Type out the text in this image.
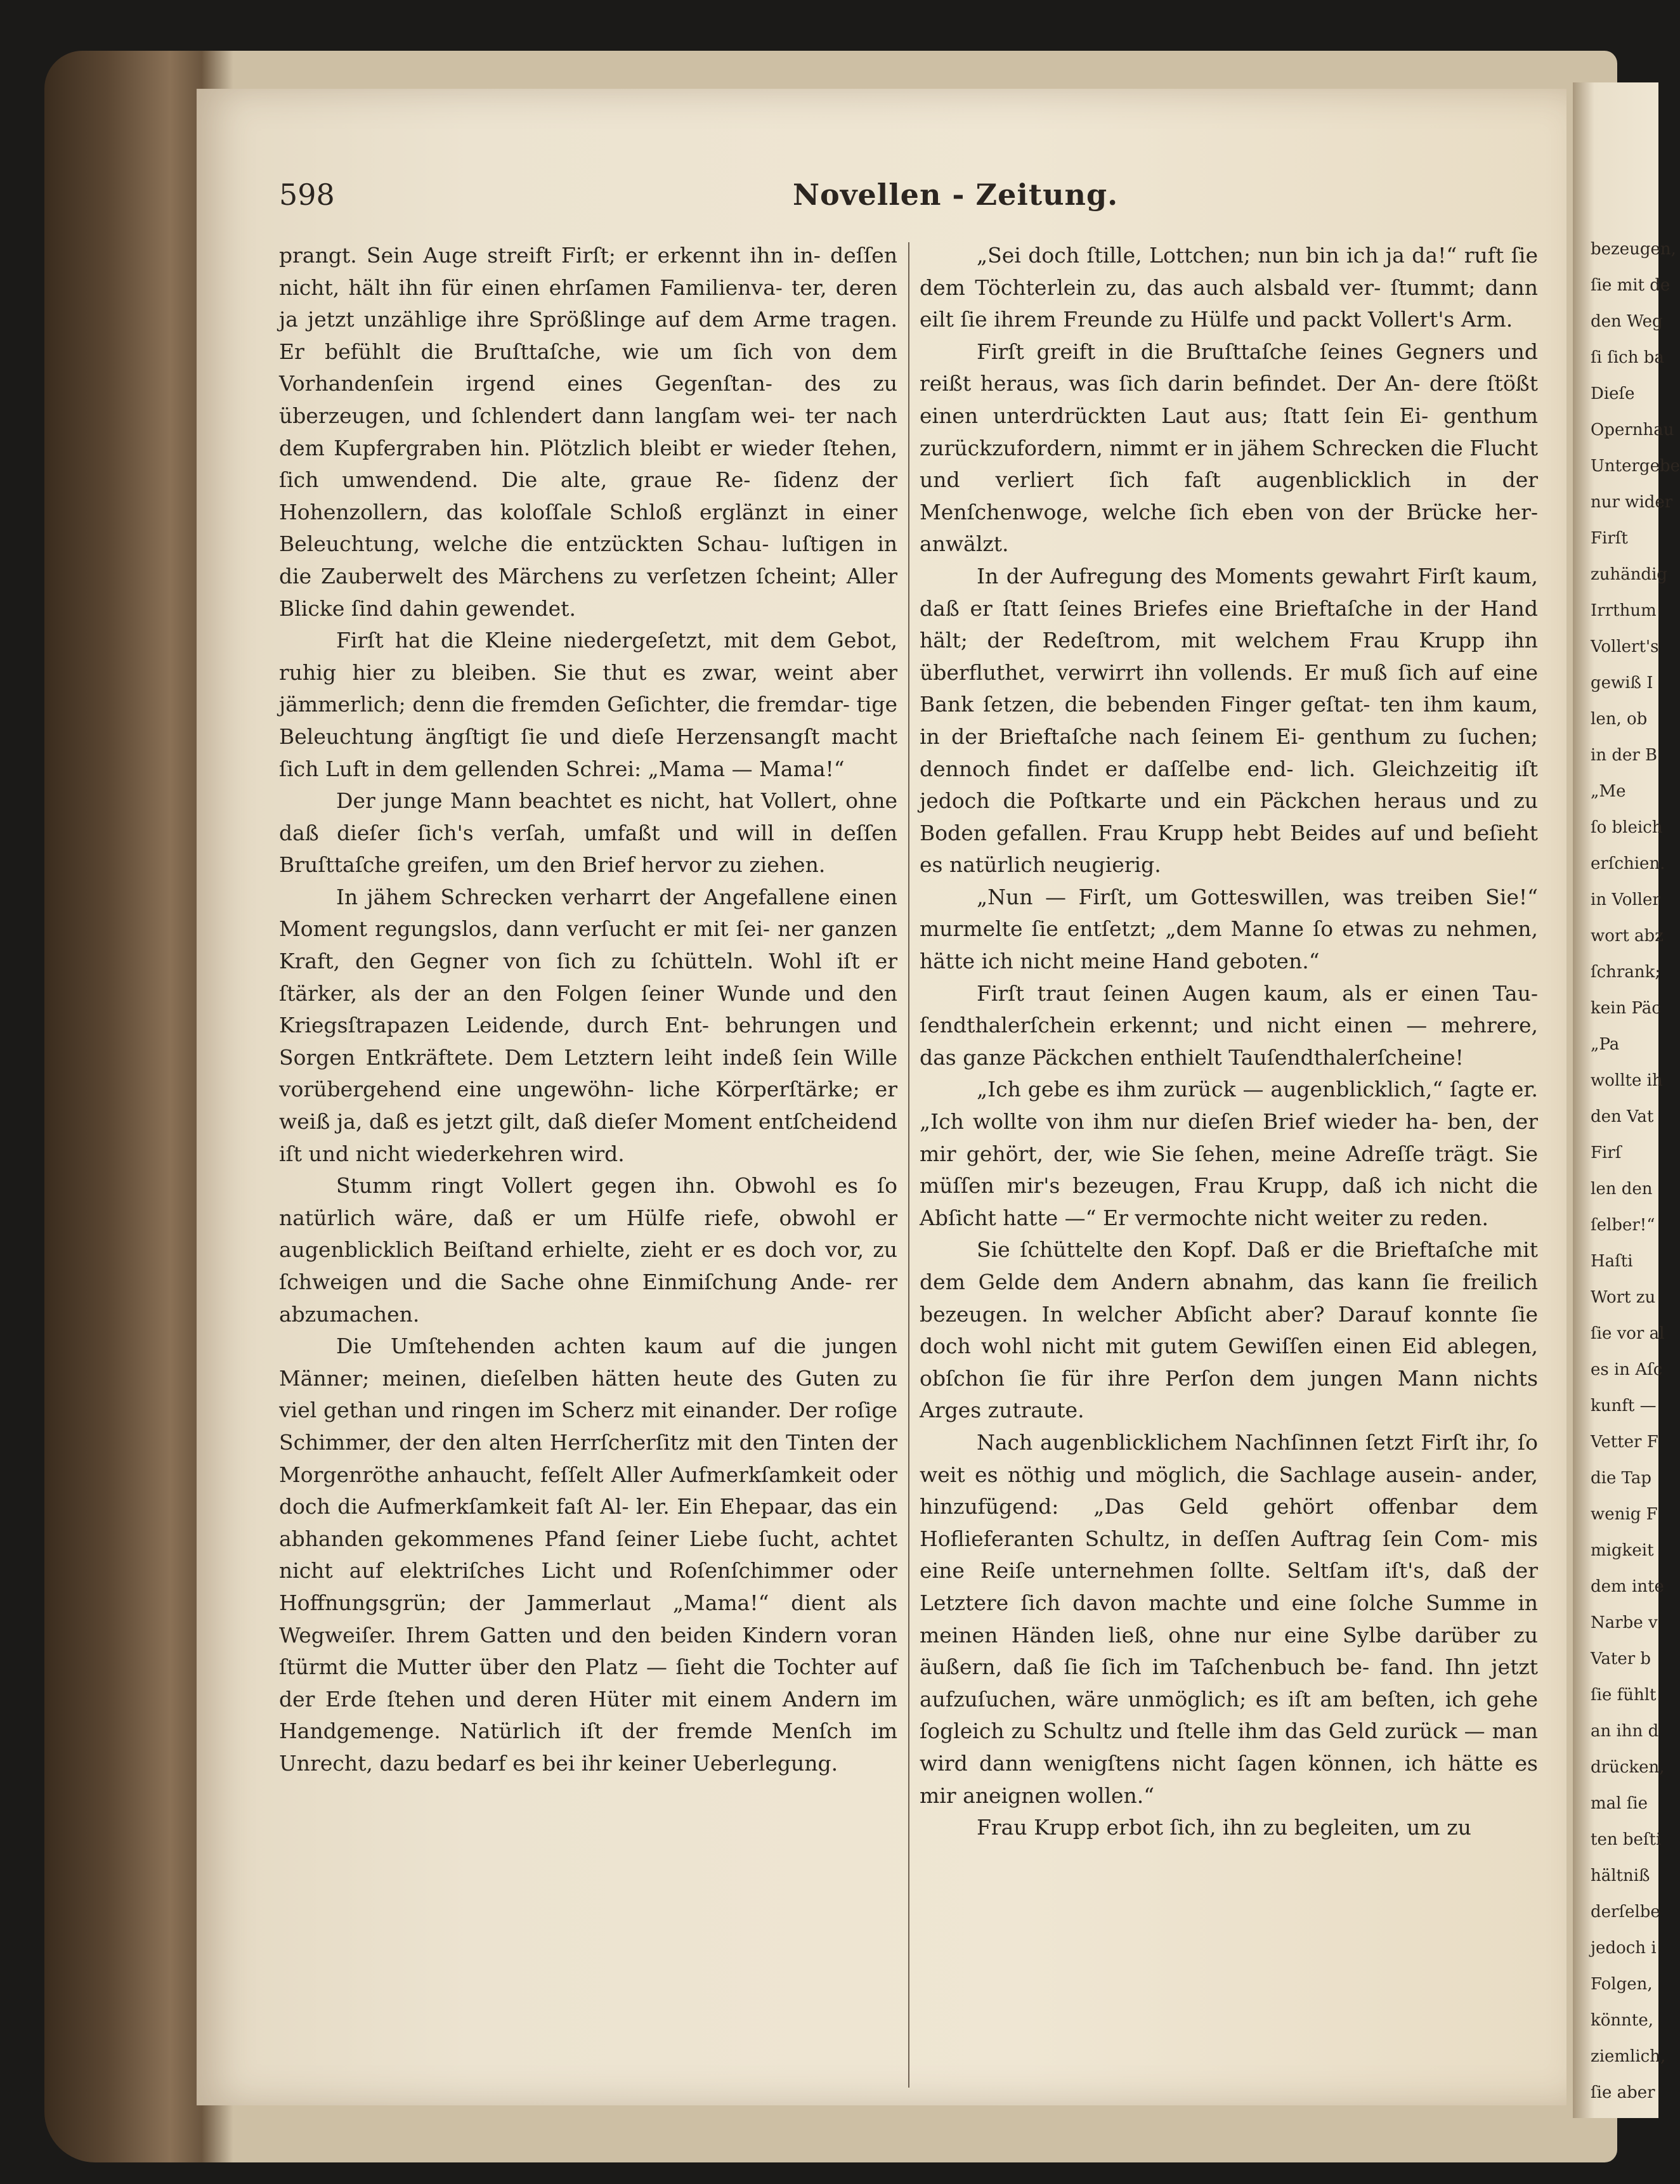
bezeugen,
ſie mit de
den Weg
ſi ſich ba
Dieſe
Opernhau
Untergebe
nur wider
Firſt
zuhändig
Irrthum
Vollert's
gewiß I
len, ob
in der B
„Me
ſo bleich
erſchien.
in Voller
wort abz
ſchrank;
kein Päc
„Pa
wollte ih
den Vat
Firſ
len den
ſelber!“
Haſti
Wort zu
ſie vor al
es in Aſc
kunft —
Vetter F
die Tap
wenig F
migkeit
dem inte
Narbe v
Vater b
ſie fühlt
an ihn d
drücken,
mal ſie
ten beſti
hältniß
derſelbe
jedoch i
Folgen,
könnte,
ziemlich,
ſie aber
598	Novellen - Zeitung.

prangt. Sein Auge streift Firſt; er erkennt ihn in- deſſen nicht, hält ihn für einen ehrſamen Familienva- ter, deren ja jetzt unzählige ihre Sprößlinge auf dem Arme tragen. Er befühlt die Bruſttaſche, wie um ſich von dem Vorhandenſein irgend eines Gegenſtan- des zu überzeugen, und ſchlendert dann langſam wei- ter nach dem Kupfergraben hin. Plötzlich bleibt er wieder ſtehen, ſich umwendend. Die alte, graue Re- ſidenz der Hohenzollern, das koloſſale Schloß erglänzt in einer Beleuchtung, welche die entzückten Schau- luſtigen in die Zauberwelt des Märchens zu verſetzen ſcheint; Aller Blicke ſind dahin gewendet.

Firſt hat die Kleine niedergeſetzt, mit dem Gebot, ruhig hier zu bleiben. Sie thut es zwar, weint aber jämmerlich; denn die fremden Geſichter, die fremdar- tige Beleuchtung ängſtigt ſie und dieſe Herzensangſt macht ſich Luft in dem gellenden Schrei: „Mama — Mama!“

Der junge Mann beachtet es nicht, hat Vollert, ohne daß dieſer ſich's verſah, umfaßt und will in deſſen Bruſttaſche greifen, um den Brief hervor zu ziehen.

In jähem Schrecken verharrt der Angefallene einen Moment regungslos, dann verſucht er mit ſei- ner ganzen Kraft, den Gegner von ſich zu ſchütteln. Wohl iſt er ſtärker, als der an den Folgen ſeiner Wunde und den Kriegsſtrapazen Leidende, durch Ent- behrungen und Sorgen Entkräftete. Dem Letztern leiht indeß ſein Wille vorübergehend eine ungewöhn- liche Körperſtärke; er weiß ja, daß es jetzt gilt, daß dieſer Moment entſcheidend iſt und nicht wiederkehren wird.

Stumm ringt Vollert gegen ihn. Obwohl es ſo natürlich wäre, daß er um Hülfe riefe, obwohl er augenblicklich Beiſtand erhielte, zieht er es doch vor, zu ſchweigen und die Sache ohne Einmiſchung Ande- rer abzumachen.

Die Umſtehenden achten kaum auf die jungen Männer; meinen, dieſelben hätten heute des Guten zu viel gethan und ringen im Scherz mit einander. Der roſige Schimmer, der den alten Herrſcherſitz mit den Tinten der Morgenröthe anhaucht, feſſelt Aller Aufmerkſamkeit oder doch die Aufmerkſamkeit faſt Al- ler. Ein Ehepaar, das ein abhanden gekommenes Pfand ſeiner Liebe ſucht, achtet nicht auf elektriſches Licht und Roſenſchimmer oder Hoffnungsgrün; der Jammerlaut „Mama!“ dient als Wegweiſer. Ihrem Gatten und den beiden Kindern voran ſtürmt die Mutter über den Platz — ſieht die Tochter auf der Erde ſtehen und deren Hüter mit einem Andern im Handgemenge. Natürlich iſt der fremde Menſch im Unrecht, dazu bedarf es bei ihr keiner Ueberlegung.

„Sei doch ſtille, Lottchen; nun bin ich ja da!“ ruft ſie dem Töchterlein zu, das auch alsbald ver- ſtummt; dann eilt ſie ihrem Freunde zu Hülfe und packt Vollert's Arm.

Firſt greift in die Bruſttaſche ſeines Gegners und reißt heraus, was ſich darin befindet. Der An- dere ſtößt einen unterdrückten Laut aus; ſtatt ſein Ei- genthum zurückzufordern, nimmt er in jähem Schrecken die Flucht und verliert ſich faſt augenblicklich in der Menſchenwoge, welche ſich eben von der Brücke her- anwälzt.

In der Aufregung des Moments gewahrt Firſt kaum, daß er ſtatt ſeines Briefes eine Brieftaſche in der Hand hält; der Redeſtrom, mit welchem Frau Krupp ihn überfluthet, verwirrt ihn vollends. Er muß ſich auf eine Bank ſetzen, die bebenden Finger geſtat- ten ihm kaum, in der Brieftaſche nach ſeinem Ei- genthum zu ſuchen; dennoch findet er daſſelbe end- lich. Gleichzeitig iſt jedoch die Poſtkarte und ein Päckchen heraus und zu Boden gefallen. Frau Krupp hebt Beides auf und beſieht es natürlich neugierig.

„Nun — Firſt, um Gotteswillen, was treiben Sie!“ murmelte ſie entſetzt; „dem Manne ſo etwas zu nehmen, hätte ich nicht meine Hand geboten.“

Firſt traut ſeinen Augen kaum, als er einen Tau- ſendthalerſchein erkennt; und nicht einen — mehrere, das ganze Päckchen enthielt Tauſendthalerſcheine!

„Ich gebe es ihm zurück — augenblicklich,“ ſagte er. „Ich wollte von ihm nur dieſen Brief wieder ha- ben, der mir gehört, der, wie Sie ſehen, meine Adreſſe trägt. Sie müſſen mir's bezeugen, Frau Krupp, daß ich nicht die Abſicht hatte —“ Er vermochte nicht weiter zu reden.

Sie ſchüttelte den Kopf. Daß er die Brieftaſche mit dem Gelde dem Andern abnahm, das kann ſie freilich bezeugen. In welcher Abſicht aber? Darauf konnte ſie doch wohl nicht mit gutem Gewiſſen einen Eid ablegen, obſchon ſie für ihre Perſon dem jungen Mann nichts Arges zutraute.

Nach augenblicklichem Nachſinnen ſetzt Firſt ihr, ſo weit es nöthig und möglich, die Sachlage ausein- ander, hinzufügend: „Das Geld gehört offenbar dem Hoflieferanten Schultz, in deſſen Auftrag ſein Com- mis eine Reiſe unternehmen ſollte. Seltſam iſt's, daß der Letztere ſich davon machte und eine ſolche Summe in meinen Händen ließ, ohne nur eine Sylbe darüber zu äußern, daß ſie ſich im Taſchenbuch be- fand. Ihn jetzt aufzuſuchen, wäre unmöglich; es iſt am beſten, ich gehe ſogleich zu Schultz und ſtelle ihm das Geld zurück — man wird dann wenigſtens nicht ſagen können, ich hätte es mir aneignen wollen.“

Frau Krupp erbot ſich, ihn zu begleiten, um zu
